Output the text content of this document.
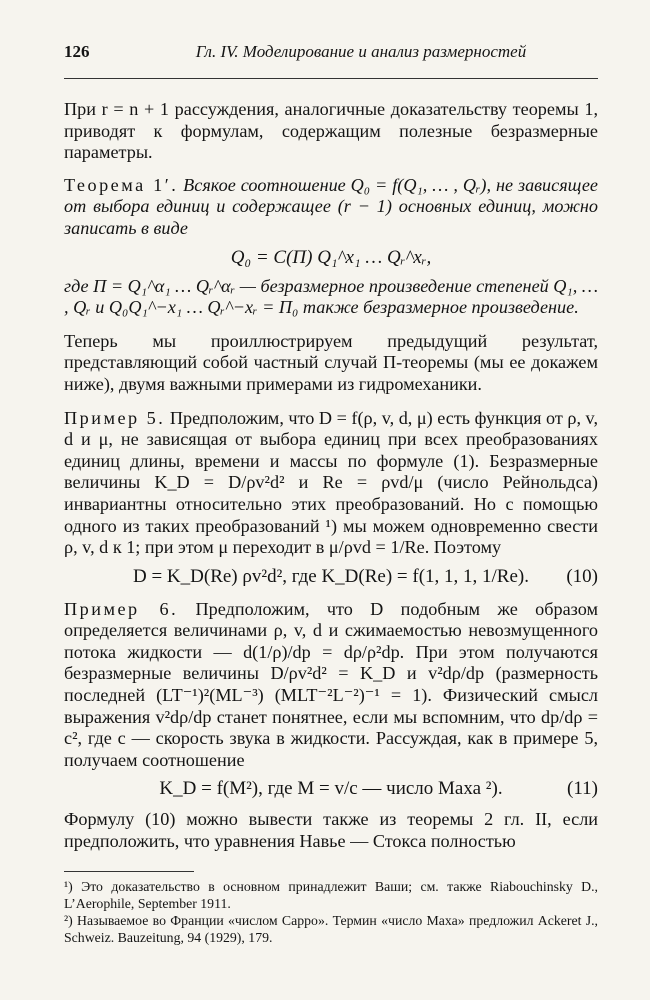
126	Гл. IV. Моделирование и анализ размерностей

При r = n + 1 рассуждения, аналогичные доказательству теоремы 1, приводят к формулам, содержащим полезные безразмерные параметры.

Теорема 1′. Всякое соотношение Q₀ = f(Q₁, … , Qᵣ), не зависящее от выбора единиц и содержащее (r − 1) основных единиц, можно записать в виде

Q₀ = C(Π) Q₁^x₁ … Qᵣ^xᵣ,

где Π = Q₁^α₁ … Qᵣ^αᵣ — безразмерное произведение степеней Q₁, … , Qᵣ и Q₀Q₁^−x₁ … Qᵣ^−xᵣ = Π₀ также безразмерное произведение.

Теперь мы проиллюстрируем предыдущий результат, представляющий собой частный случай П-теоремы (мы ее докажем ниже), двумя важными примерами из гидромеханики.

Пример 5. Предположим, что D = f(ρ, v, d, μ) есть функция от ρ, v, d и μ, не зависящая от выбора единиц при всех преобразованиях единиц длины, времени и массы по формуле (1). Безразмерные величины K_D = D/ρv²d² и Re = ρvd/μ (число Рейнольдса) инвариантны относительно этих преобразований. Но с помощью одного из таких преобразований ¹) мы можем одновременно свести ρ, v, d к 1; при этом μ переходит в μ/ρvd = 1/Re. Поэтому

D = K_D(Re) ρv²d², где K_D(Re) = f(1, 1, 1, 1/Re). (10)

Пример 6. Предположим, что D подобным же образом определяется величинами ρ, v, d и сжимаемостью невозмущенного потока жидкости — d(1/ρ)/dp = dρ/ρ²dp. При этом получаются безразмерные величины D/ρv²d² = K_D и v²dρ/dp (размерность последней (LT⁻¹)²(ML⁻³) (MLT⁻²L⁻²)⁻¹ = 1). Физический смысл выражения v²dρ/dp станет понятнее, если мы вспомним, что dp/dρ = c², где c — скорость звука в жидкости. Рассуждая, как в примере 5, получаем соотношение

K_D = f(M²), где M = v/c — число Маха ²).	(11)

Формулу (10) можно вывести также из теоремы 2 гл. II, если предположить, что уравнения Навье — Стокса полностью

¹) Это доказательство в основном принадлежит Ваши; см. также Riabouchinsky D., L’Aerophile, September 1911.

²) Называемое во Франции «числом Сарро». Термин «число Маха» предложил Ackeret J., Schweiz. Bauzeitung, 94 (1929), 179.
